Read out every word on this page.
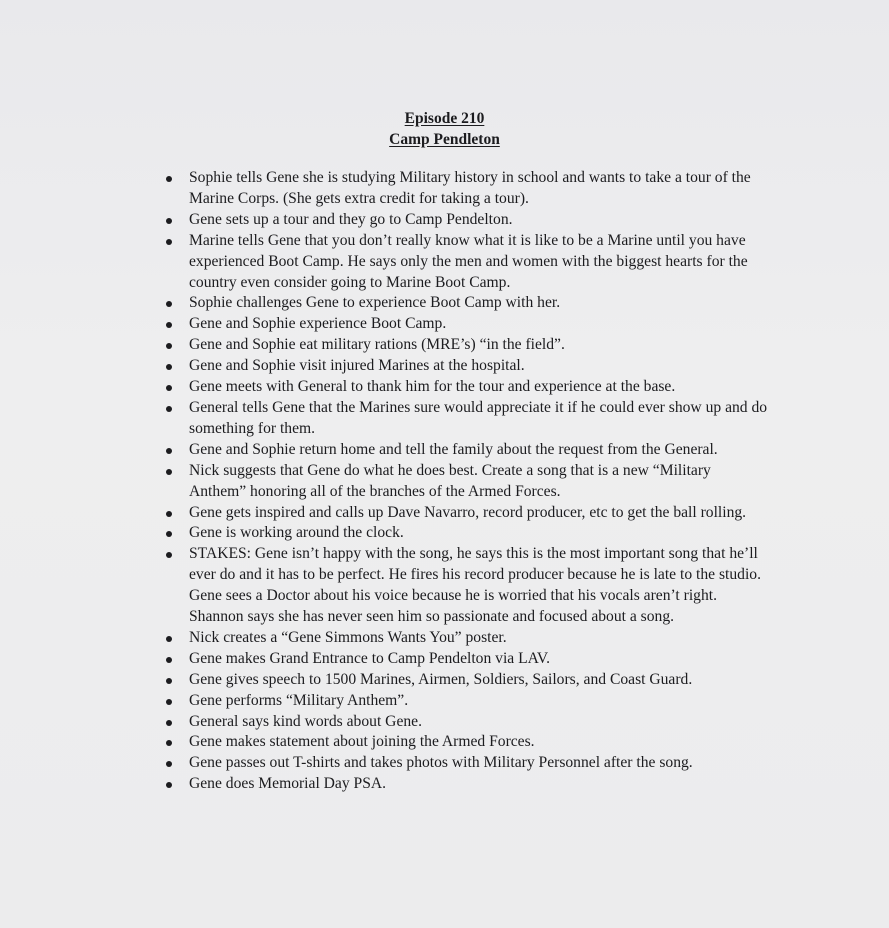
Episode 210
Camp Pendleton
Sophie tells Gene she is studying Military history in school and wants to take a tour of the Marine Corps. (She gets extra credit for taking a tour).
Gene sets up a tour and they go to Camp Pendelton.
Marine tells Gene that you don’t really know what it is like to be a Marine until you have experienced Boot Camp. He says only the men and women with the biggest hearts for the country even consider going to Marine Boot Camp.
Sophie challenges Gene to experience Boot Camp with her.
Gene and Sophie experience Boot Camp.
Gene and Sophie eat military rations (MRE’s) “in the field”.
Gene and Sophie visit injured Marines at the hospital.
Gene meets with General to thank him for the tour and experience at the base.
General tells Gene that the Marines sure would appreciate it if he could ever show up and do something for them.
Gene and Sophie return home and tell the family about the request from the General.
Nick suggests that Gene do what he does best. Create a song that is a new “Military Anthem” honoring all of the branches of the Armed Forces.
Gene gets inspired and calls up Dave Navarro, record producer, etc to get the ball rolling.
Gene is working around the clock.
STAKES: Gene isn’t happy with the song, he says this is the most important song that he’ll ever do and it has to be perfect. He fires his record producer because he is late to the studio. Gene sees a Doctor about his voice because he is worried that his vocals aren’t right. Shannon says she has never seen him so passionate and focused about a song.
Nick creates a “Gene Simmons Wants You” poster.
Gene makes Grand Entrance to Camp Pendelton via LAV.
Gene gives speech to 1500 Marines, Airmen, Soldiers, Sailors, and Coast Guard.
Gene performs “Military Anthem”.
General says kind words about Gene.
Gene makes statement about joining the Armed Forces.
Gene passes out T-shirts and takes photos with Military Personnel after the song.
Gene does Memorial Day PSA.
